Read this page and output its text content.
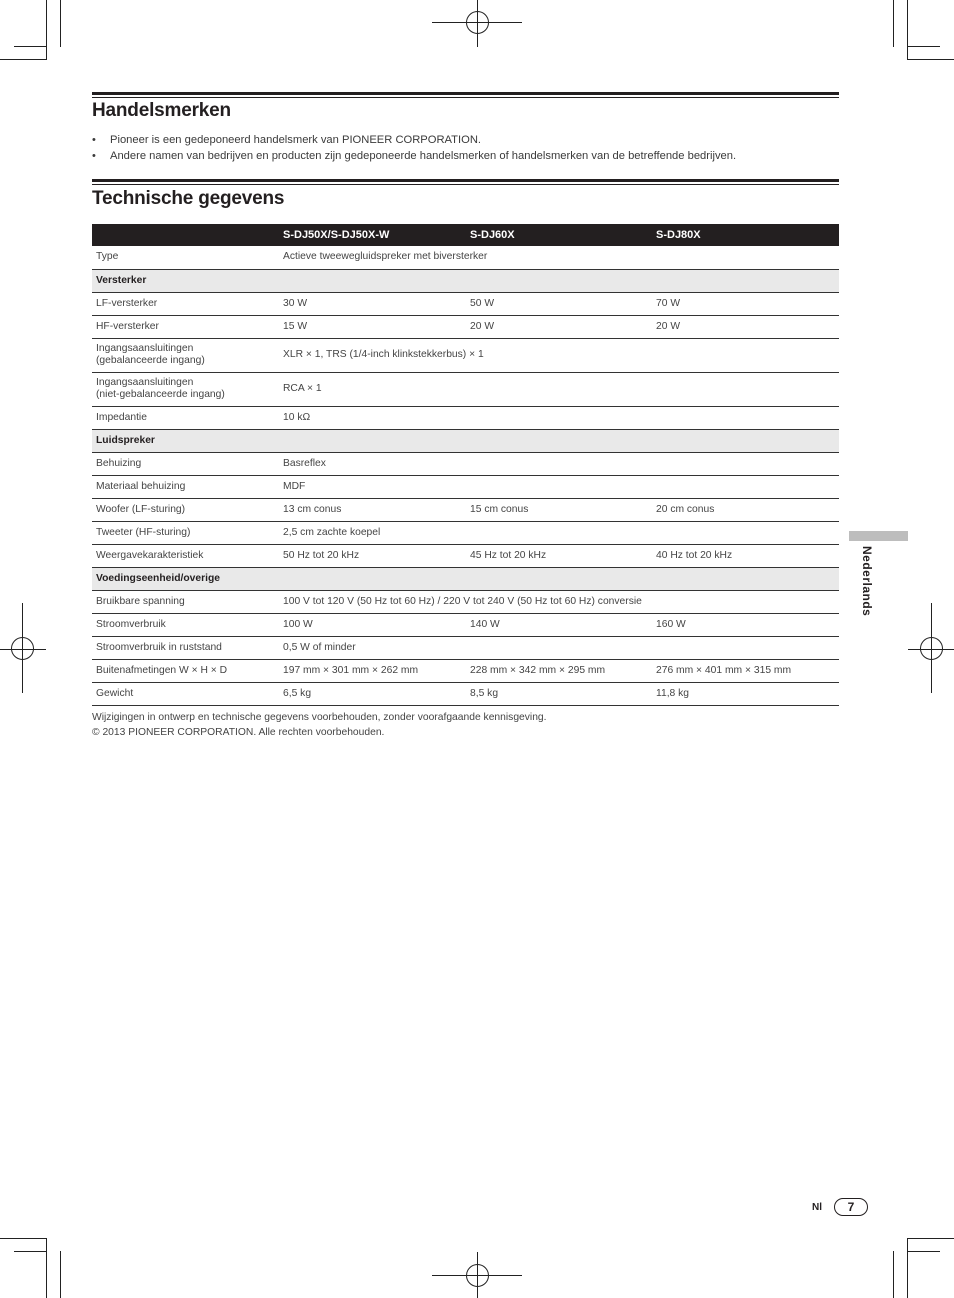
Handelsmerken
• Pioneer is een gedeponeerd handelsmerk van PIONEER CORPORATION.
• Andere namen van bedrijven en producten zijn gedeponeerde handelsmerken of handelsmerken van de betreffende bedrijven.
Technische gegevens
	S-DJ50X/S-DJ50X-W	S-DJ60X	S-DJ80X
Type	Actieve tweewegluidspreker met biversterker		
Versterker			
LF-versterker	30 W	50 W	70 W
HF-versterker	15 W	20 W	20 W

Ingangsaansluitingen
(gebalanceerde ingang)	XLR × 1, TRS (1/4-inch klinkstekkerbus) × 1		

Ingangsaansluitingen
(niet-gebalanceerde ingang)	RCA × 1		
Impedantie	10 kΩ		
Luidspreker			
Behuizing	Basreflex		
Materiaal behuizing	MDF		
Woofer (LF-sturing)	13 cm conus	15 cm conus	20 cm conus
Tweeter (HF-sturing)	2,5 cm zachte koepel		
Weergavekarakteristiek	50 Hz tot 20 kHz	45 Hz tot 20 kHz	40 Hz tot 20 kHz
Voedingseenheid/overige			
Bruikbare spanning	100 V tot 120 V (50 Hz tot 60 Hz) / 220 V tot 240 V (50 Hz tot 60 Hz) conversie		
Stroomverbruik	100 W	140 W	160 W
Stroomverbruik in ruststand	0,5 W of minder		
Buitenafmetingen W × H × D	197 mm × 301 mm × 262 mm	228 mm × 342 mm × 295 mm	276 mm × 401 mm × 315 mm
Gewicht	6,5 kg	8,5 kg	11,8 kg
Wijzigingen in ontwerp en technische gegevens voorbehouden, zonder voorafgaande kennisgeving.
© 2013 PIONEER CORPORATION. Alle rechten voorbehouden.
Nederlands
Nl	7
